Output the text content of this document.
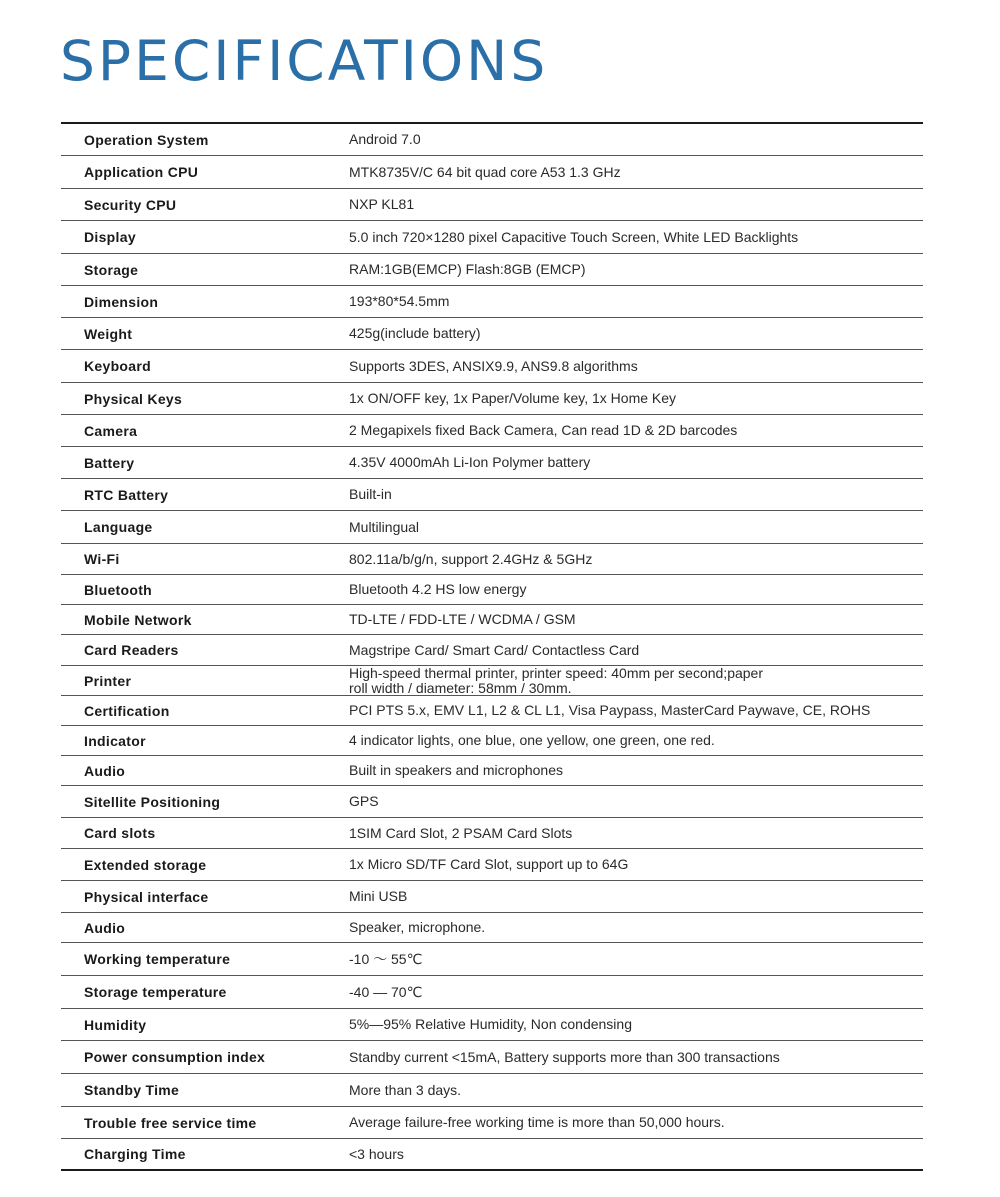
SPECIFICATIONS
Operation System	Android 7.0
Application CPU	MTK8735V/C 64 bit quad core A53 1.3 GHz
Security CPU	NXP KL81
Display	5.0 inch 720×1280 pixel Capacitive Touch Screen, White LED Backlights
Storage	RAM:1GB(EMCP) Flash:8GB (EMCP)
Dimension	193*80*54.5mm
Weight	425g(include battery)
Keyboard	Supports 3DES, ANSIX9.9, ANS9.8 algorithms
Physical Keys	1x ON/OFF key, 1x Paper/Volume key, 1x Home Key
Camera	2 Megapixels fixed Back Camera, Can read 1D & 2D barcodes
Battery	4.35V 4000mAh Li-Ion Polymer battery
RTC Battery	Built-in
Language	Multilingual
Wi-Fi	802.11a/b/g/n, support 2.4GHz & 5GHz
Bluetooth	Bluetooth 4.2 HS low energy
Mobile Network	TD-LTE / FDD-LTE / WCDMA / GSM
Card Readers	Magstripe Card/ Smart Card/ Contactless Card
Printer	High-speed thermal printer, printer speed: 40mm per second;paper
roll width / diameter: 58mm / 30mm.
Certification	PCI PTS 5.x, EMV L1, L2 & CL L1, Visa Paypass, MasterCard Paywave, CE, ROHS
Indicator	4 indicator lights, one blue, one yellow, one green, one red.
Audio	Built in speakers and microphones
Sitellite Positioning	GPS
Card slots	1SIM Card Slot, 2 PSAM Card Slots
Extended storage	1x Micro SD/TF Card Slot, support up to 64G
Physical interface	Mini USB
Audio	Speaker, microphone.
Working temperature	-10 ～ 55℃
Storage temperature	-40 — 70℃
Humidity	5%—95% Relative Humidity, Non condensing
Power consumption index	Standby current <15mA, Battery supports more than 300 transactions
Standby Time	More than 3 days.
Trouble free service time	Average failure-free working time is more than 50,000 hours.
Charging Time	<3 hours
